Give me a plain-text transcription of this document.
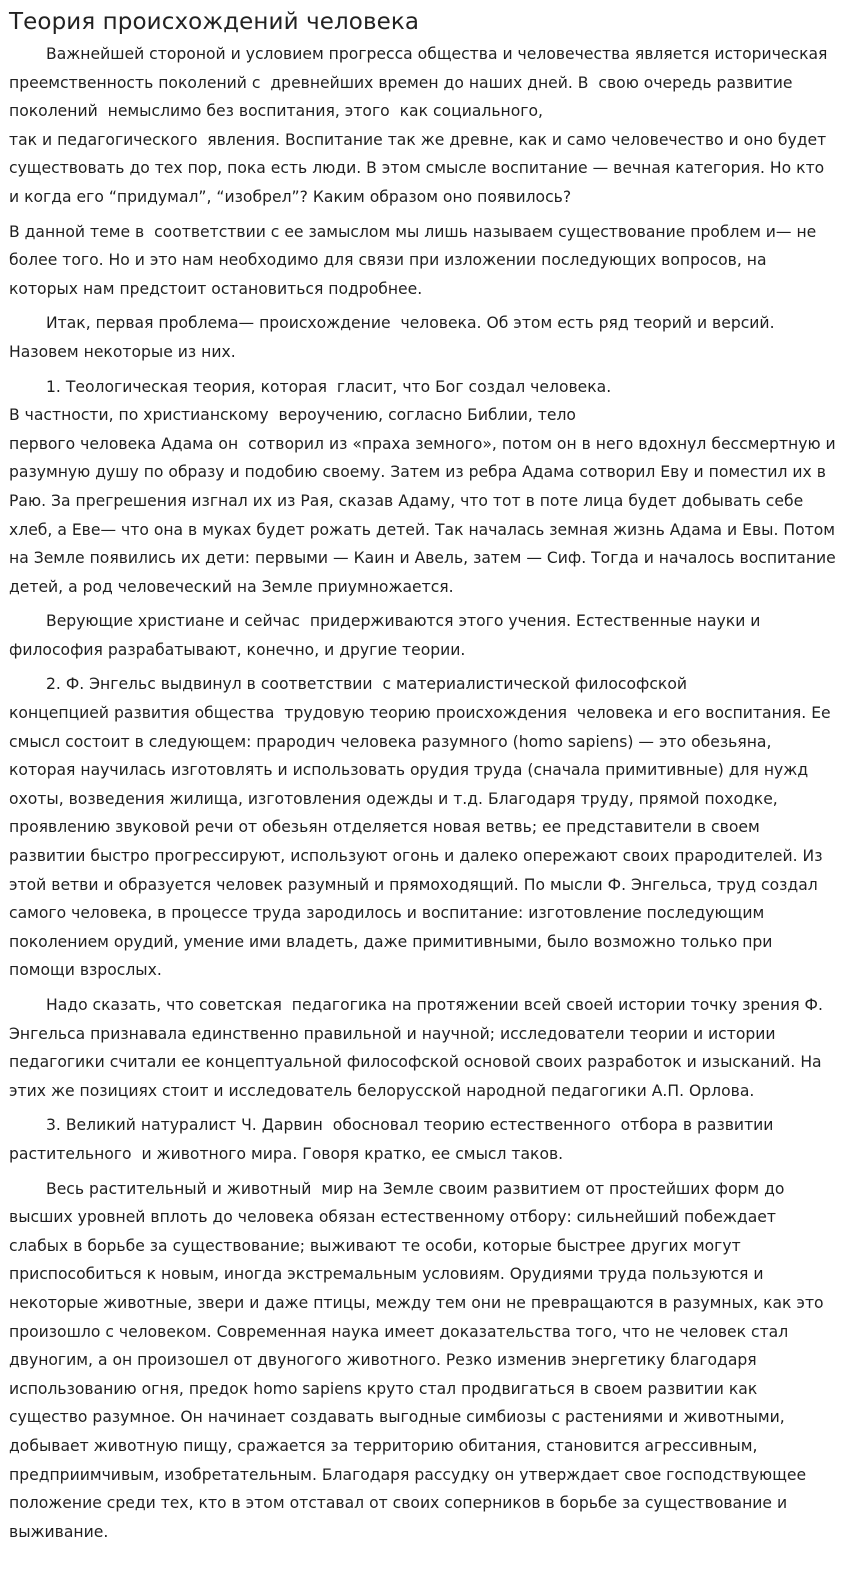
Теория происхождений человека

Важнейшей стороной и условием прогресса общества и человечества является историческая преемственность поколений с  древнейших времен до наших дней. В  свою очередь развитие поколений  немыслимо без воспитания, этого  как социального,
так и педагогического  явления. Воспитание так же древне, как и само человечество и оно будет существовать до тех пор, пока есть люди. В этом смысле воспитание — вечная категория. Но кто и когда его “придумал”, “изобрел”? Каким образом оно появилось?

В данной теме в  соответствии с ее замыслом мы лишь называем существование проблем и— не более того. Но и это нам необходимо для связи при изложении последующих вопросов, на которых нам предстоит остановиться подробнее.

Итак, первая проблема— происхождение  человека. Об этом есть ряд теорий и версий. Назовем некоторые из них.

1. Теологическая теория, которая  гласит, что Бог создал человека.
В частности, по христианскому  вероучению, согласно Библии, тело
первого человека Адама он  сотворил из «праха земного», потом он в него вдохнул бессмертную и разумную душу по образу и подобию своему. Затем из ребра Адама сотворил Еву и поместил их в Раю. За прегрешения изгнал их из Рая, сказав Адаму, что тот в поте лица будет добывать себе хлеб, а Еве— что она в муках будет рожать детей. Так началась земная жизнь Адама и Евы. Потом на Земле появились их дети: первыми — Каин и Авель, затем — Сиф. Тогда и началось воспитание детей, а род человеческий на Земле приумножается.

Верующие христиане и сейчас  придерживаются этого учения. Естественные науки и философия разрабатывают, конечно, и другие теории.

2. Ф. Энгельс выдвинул в соответствии  с материалистической философской
концепцией развития общества  трудовую теорию происхождения  человека и его воспитания. Ее  смысл состоит в следующем: прародич человека разумного (homo sapiens) — это обезьяна, которая научилась изготовлять и использовать орудия труда (сначала примитивные) для нужд охоты, возведения жилища, изготовления одежды и т.д. Благодаря труду, прямой походке, проявлению звуковой речи от обезьян отделяется новая ветвь; ее представители в своем развитии быстро прогрессируют, используют огонь и далеко опережают своих прародителей. Из этой ветви и образуется человек разумный и прямоходящий. По мысли Ф. Энгельса, труд создал самого человека, в процессе труда зародилось и воспитание: изготовление последующим поколением орудий, умение ими владеть, даже примитивными, было возможно только при помощи взрослых.

Надо сказать, что советская  педагогика на протяжении всей своей истории точку зрения Ф. Энгельса признавала единственно правильной и научной; исследователи теории и истории педагогики считали ее концептуальной философской основой своих разработок и изысканий. На этих же позициях стоит и исследователь белорусской народной педагогики А.П. Орлова.

3. Великий натуралист Ч. Дарвин  обосновал теорию естественного  отбора в развитии растительного  и животного мира. Говоря кратко, ее смысл таков.

Весь растительный и животный  мир на Земле своим развитием от простейших форм до высших уровней вплоть до человека обязан естественному отбору: сильнейший побеждает слабых в борьбе за существование; выживают те особи, которые быстрее других могут приспособиться к новым, иногда экстремальным условиям. Орудиями труда пользуются и некоторые животные, звери и даже птицы, между тем они не превращаются в разумных, как это произошло с человеком. Современная наука имеет доказательства того, что не человек стал двуногим, а он произошел от двуногого животного. Резко изменив энергетику благодаря использованию огня, предок homo sapiens круто стал продвигаться в своем развитии как существо разумное. Он начинает создавать выгодные симбиозы с растениями и животными, добывает животную пищу, сражается за территорию обитания, становится агрессивным, предприимчивым, изобретательным. Благодаря рассудку он утверждает свое господствующее положение среди тех, кто в этом отставал от своих соперников в борьбе за существование и выживание.
